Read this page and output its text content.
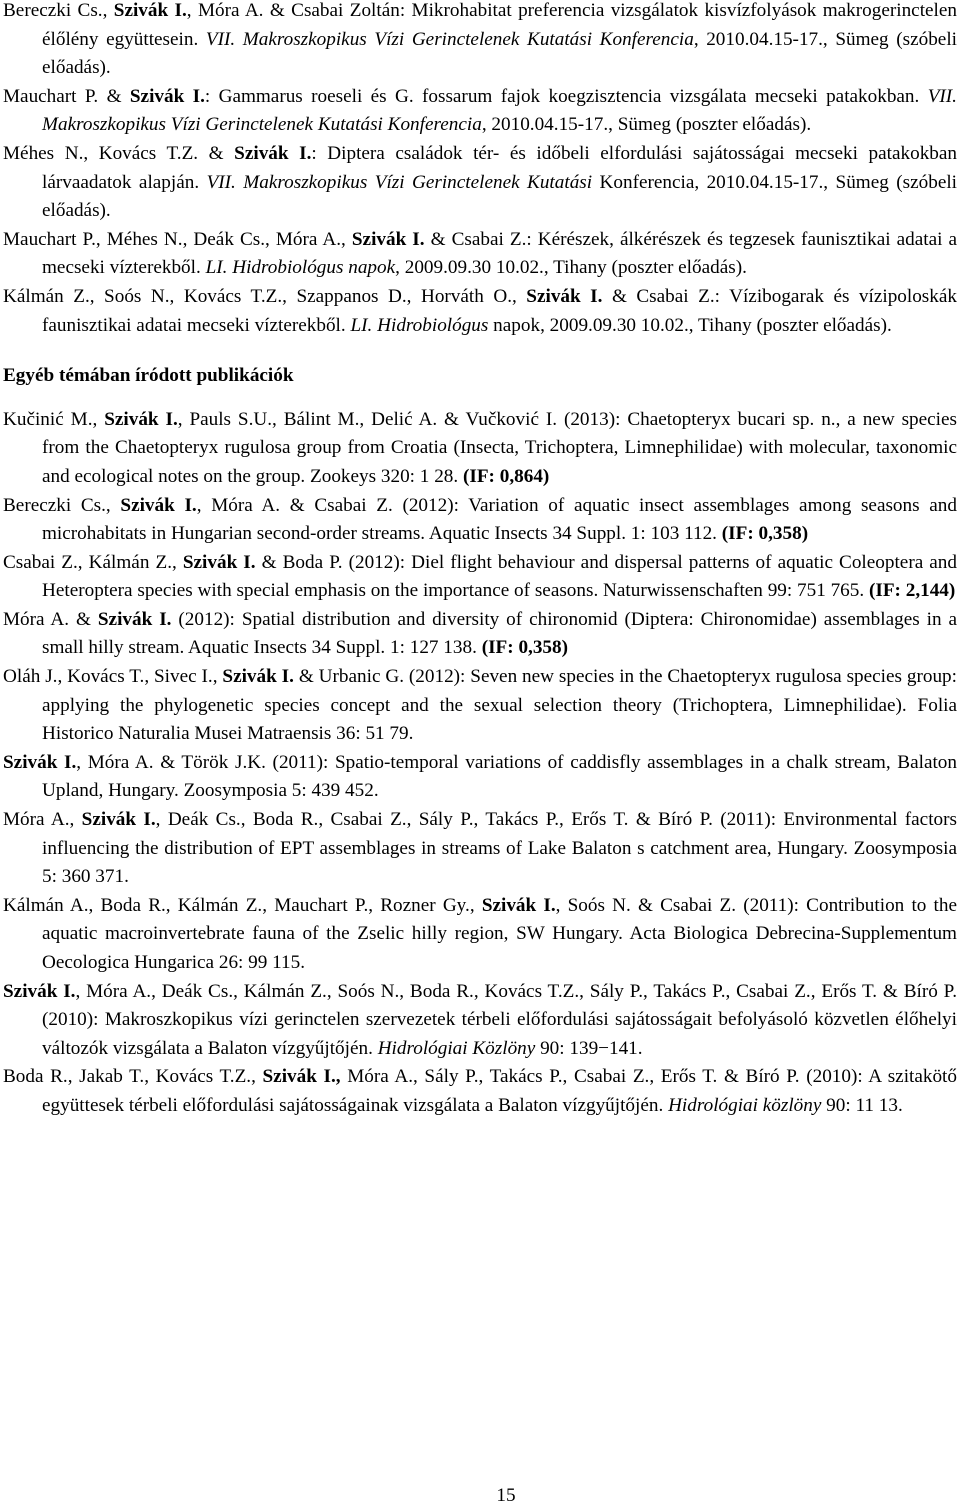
Bereczki Cs., Szivák I., Móra A. & Csabai Zoltán: Mikrohabitat preferencia vizsgálatok kisvízfolyások makrogerinctelen élőlény együttesein. VII. Makroszkopikus Vízi Gerinctelenek Kutatási Konferencia, 2010.04.15-17., Sümeg (szóbeli előadás).

Mauchart P. & Szivák I.: Gammarus roeseli és G. fossarum fajok koegzisztencia vizsgálata mecseki patakokban. VII. Makroszkopikus Vízi Gerinctelenek Kutatási Konferencia, 2010.04.15-17., Sümeg (poszter előadás).

Méhes N., Kovács T.Z. & Szivák I.: Diptera családok tér- és időbeli elfordulási sajátosságai mecseki patakokban lárvaadatok alapján. VII. Makroszkopikus Vízi Gerinctelenek Kutatási Konferencia, 2010.04.15-17., Sümeg (szóbeli előadás).

Mauchart P., Méhes N., Deák Cs., Móra A., Szivák I. & Csabai Z.: Kérészek, álkérészek és tegzesek faunisztikai adatai a mecseki vízterekből. LI. Hidrobiológus napok, 2009.09.30 10.02., Tihany (poszter előadás).

Kálmán Z., Soós N., Kovács T.Z., Szappanos D., Horváth O., Szivák I. & Csabai Z.: Vízibogarak és vízipoloskák faunisztikai adatai mecseki vízterekből. LI. Hidrobiológus napok, 2009.09.30 10.02., Tihany (poszter előadás).

Egyéb témában íródott publikációk

Kučinić M., Szivák I., Pauls S.U., Bálint M., Delić A. & Vučković I. (2013): Chaetopteryx bucari sp. n., a new species from the Chaetopteryx rugulosa group from Croatia (Insecta, Trichoptera, Limnephilidae) with molecular, taxonomic and ecological notes on the group. Zookeys 320: 1 28. (IF: 0,864)

Bereczki Cs., Szivák I., Móra A. & Csabai Z. (2012): Variation of aquatic insect assemblages among seasons and microhabitats in Hungarian second-order streams. Aquatic Insects 34 Suppl. 1: 103 112. (IF: 0,358)

Csabai Z., Kálmán Z., Szivák I. & Boda P. (2012): Diel flight behaviour and dispersal patterns of aquatic Coleoptera and Heteroptera species with special emphasis on the importance of seasons. Naturwissenschaften 99: 751 765. (IF: 2,144)

Móra A. & Szivák I. (2012): Spatial distribution and diversity of chironomid (Diptera: Chironomidae) assemblages in a small hilly stream. Aquatic Insects 34 Suppl. 1: 127 138. (IF: 0,358)

Oláh J., Kovács T., Sivec I., Szivák I. & Urbanic G. (2012): Seven new species in the Chaetopteryx rugulosa species group: applying the phylogenetic species concept and the sexual selection theory (Trichoptera, Limnephilidae). Folia Historico Naturalia Musei Matraensis 36: 51 79.

Szivák I., Móra A. & Török J.K. (2011): Spatio-temporal variations of caddisfly assemblages in a chalk stream, Balaton Upland, Hungary. Zoosymposia 5: 439 452.

Móra A., Szivák I., Deák Cs., Boda R., Csabai Z., Sály P., Takács P., Erős T. & Bíró P. (2011): Environmental factors influencing the distribution of EPT assemblages in streams of Lake Balaton s catchment area, Hungary. Zoosymposia 5: 360 371.

Kálmán A., Boda R., Kálmán Z., Mauchart P., Rozner Gy., Szivák I., Soós N. & Csabai Z. (2011): Contribution to the aquatic macroinvertebrate fauna of the Zselic hilly region, SW Hungary. Acta Biologica Debrecina-Supplementum Oecologica Hungarica 26: 99 115.

Szivák I., Móra A., Deák Cs., Kálmán Z., Soós N., Boda R., Kovács T.Z., Sály P., Takács P., Csabai Z., Erős T. & Bíró P. (2010): Makroszkopikus vízi gerinctelen szervezetek térbeli előfordulási sajátosságait befolyásoló közvetlen élőhelyi változók vizsgálata a Balaton vízgyűjtőjén. Hidrológiai Közlöny 90: 139−141.

Boda R., Jakab T., Kovács T.Z., Szivák I., Móra A., Sály P., Takács P., Csabai Z., Erős T. & Bíró P. (2010): A szitakötő együttesek térbeli előfordulási sajátosságainak vizsgálata a Balaton vízgyűjtőjén. Hidrológiai közlöny 90: 11 13.

15
